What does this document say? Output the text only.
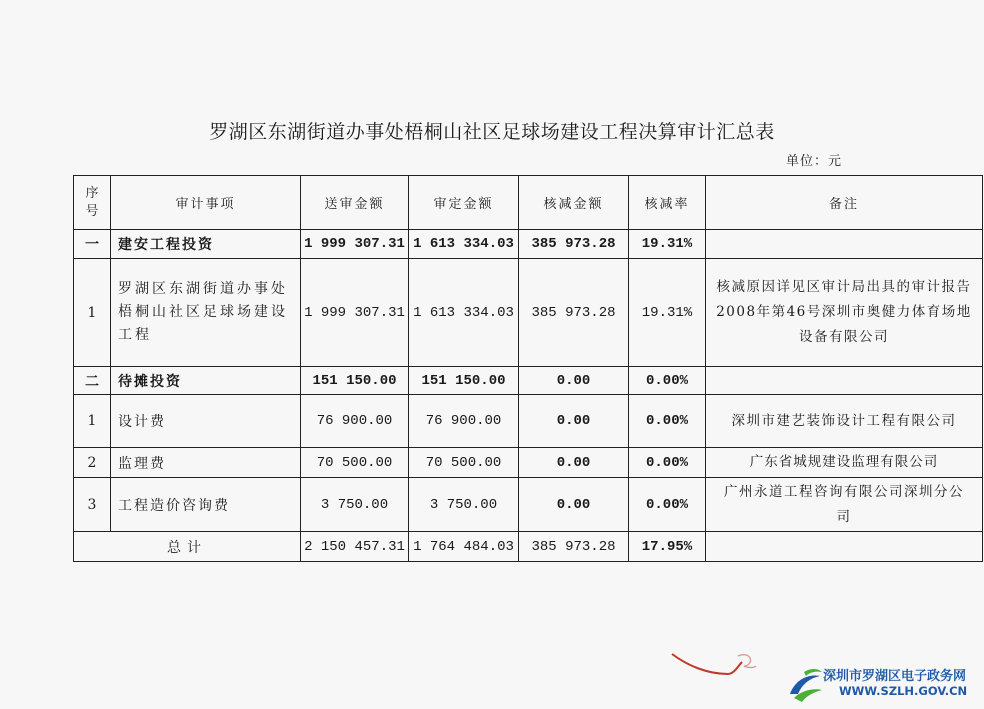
罗湖区东湖街道办事处梧桐山社区足球场建设工程决算审计汇总表
单位：元
序号	审计事项	送审金额	审定金额	核减金额	核减率	备注
一	建安工程投资	1 999 307.31	1 613 334.03	385 973.28	19.31%	
1	罗湖区东湖街道办事处梧桐山社区足球场建设工程	1 999 307.31	1 613 334.03	385 973.28	19.31%	核减原因详见区审计局出具的审计报告2008年第46号深圳市奥健力体育场地设备有限公司
二	待摊投资	151 150.00	151 150.00	0.00	0.00%	
1	设计费	76 900.00	76 900.00	0.00	0.00%	深圳市建艺装饰设计工程有限公司
2	监理费	70 500.00	70 500.00	0.00	0.00%	广东省城规建设监理有限公司
3	工程造价咨询费	3 750.00	3 750.00	0.00	0.00%	广州永道工程咨询有限公司深圳分公司
总计		2 150 457.31	1 764 484.03	385 973.28	17.95%	
深圳市罗湖区电子政务网
WWW.SZLH.GOV.CN
